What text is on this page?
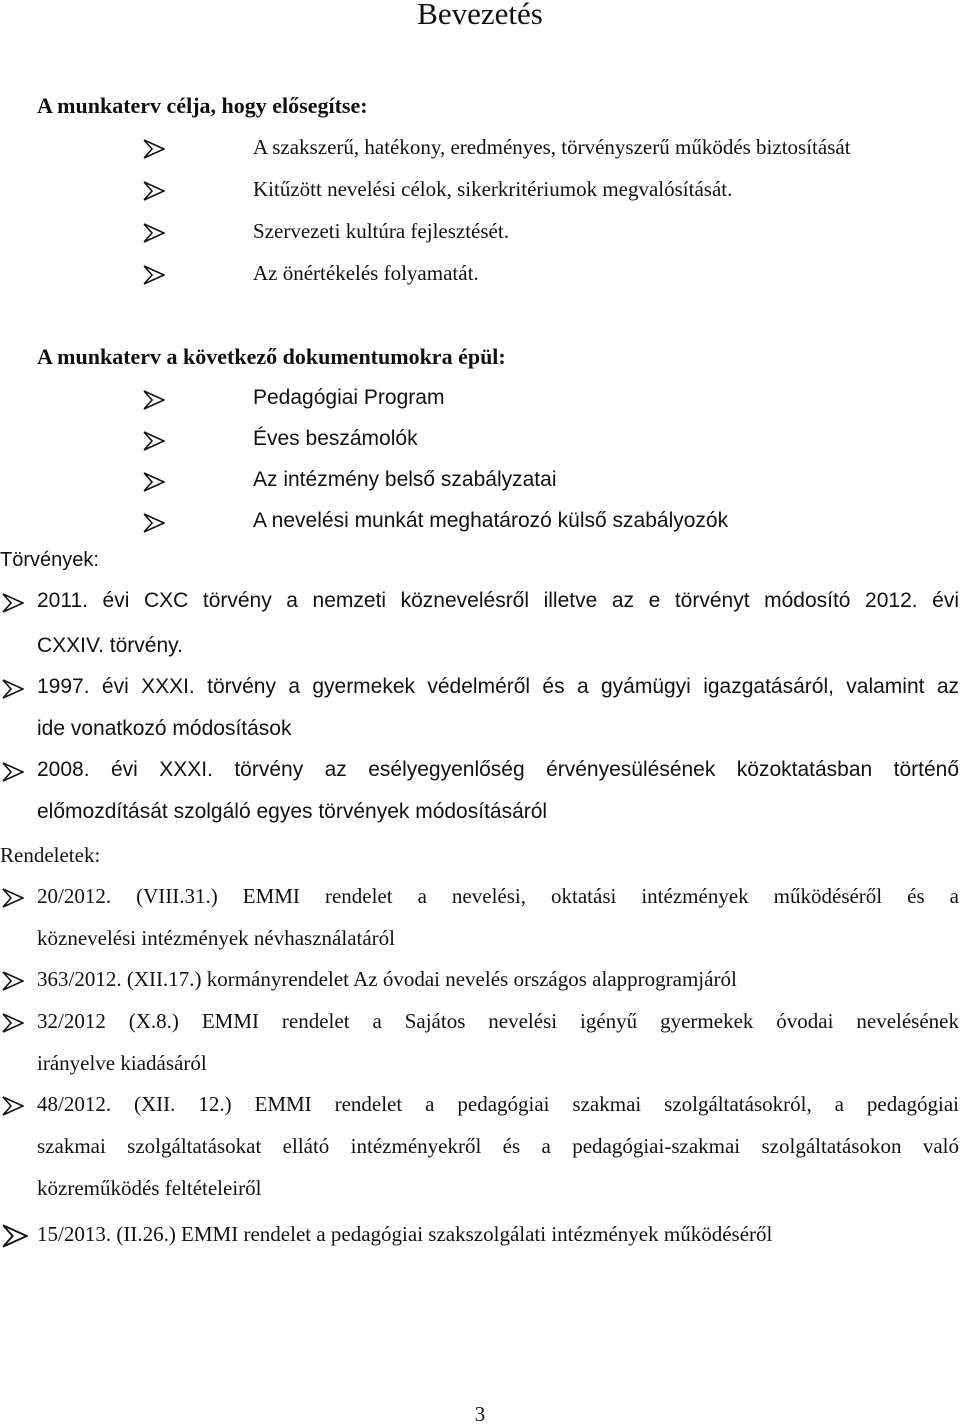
Bevezetés
A munkaterv célja, hogy elősegítse:
A szakszerű, hatékony, eredményes, törvényszerű működés biztosítását
Kitűzött nevelési célok, sikerkritériumok megvalósítását.
Szervezeti kultúra fejlesztését.
Az önértékelés folyamatát.
A munkaterv a következő dokumentumokra épül:
Pedagógiai Program
Éves beszámolók
Az intézmény belső szabályzatai
A nevelési munkát meghatározó külső szabályozók
Törvények:
2011. évi CXC törvény a nemzeti köznevelésről illetve az e törvényt módosító 2012. évi
CXXIV. törvény.
1997. évi XXXI. törvény a gyermekek védelméről és a gyámügyi igazgatásáról, valamint az
ide vonatkozó módosítások
2008. évi XXXI. törvény az esélyegyenlőség érvényesülésének közoktatásban történő
előmozdítását szolgáló egyes törvények módosításáról
Rendeletek:
20/2012. (VIII.31.) EMMI rendelet a nevelési, oktatási intézmények működéséről és a
köznevelési intézmények névhasználatáról
363/2012. (XII.17.) kormányrendelet Az óvodai nevelés országos alapprogramjáról
32/2012 (X.8.) EMMI rendelet a Sajátos nevelési igényű gyermekek óvodai nevelésének
irányelve kiadásáról
48/2012. (XII. 12.) EMMI rendelet a pedagógiai szakmai szolgáltatásokról, a pedagógiai
szakmai szolgáltatásokat ellátó intézményekről és a pedagógiai-szakmai szolgáltatásokon való
közreműködés feltételeiről
15/2013. (II.26.) EMMI rendelet a pedagógiai szakszolgálati intézmények működéséről
3
